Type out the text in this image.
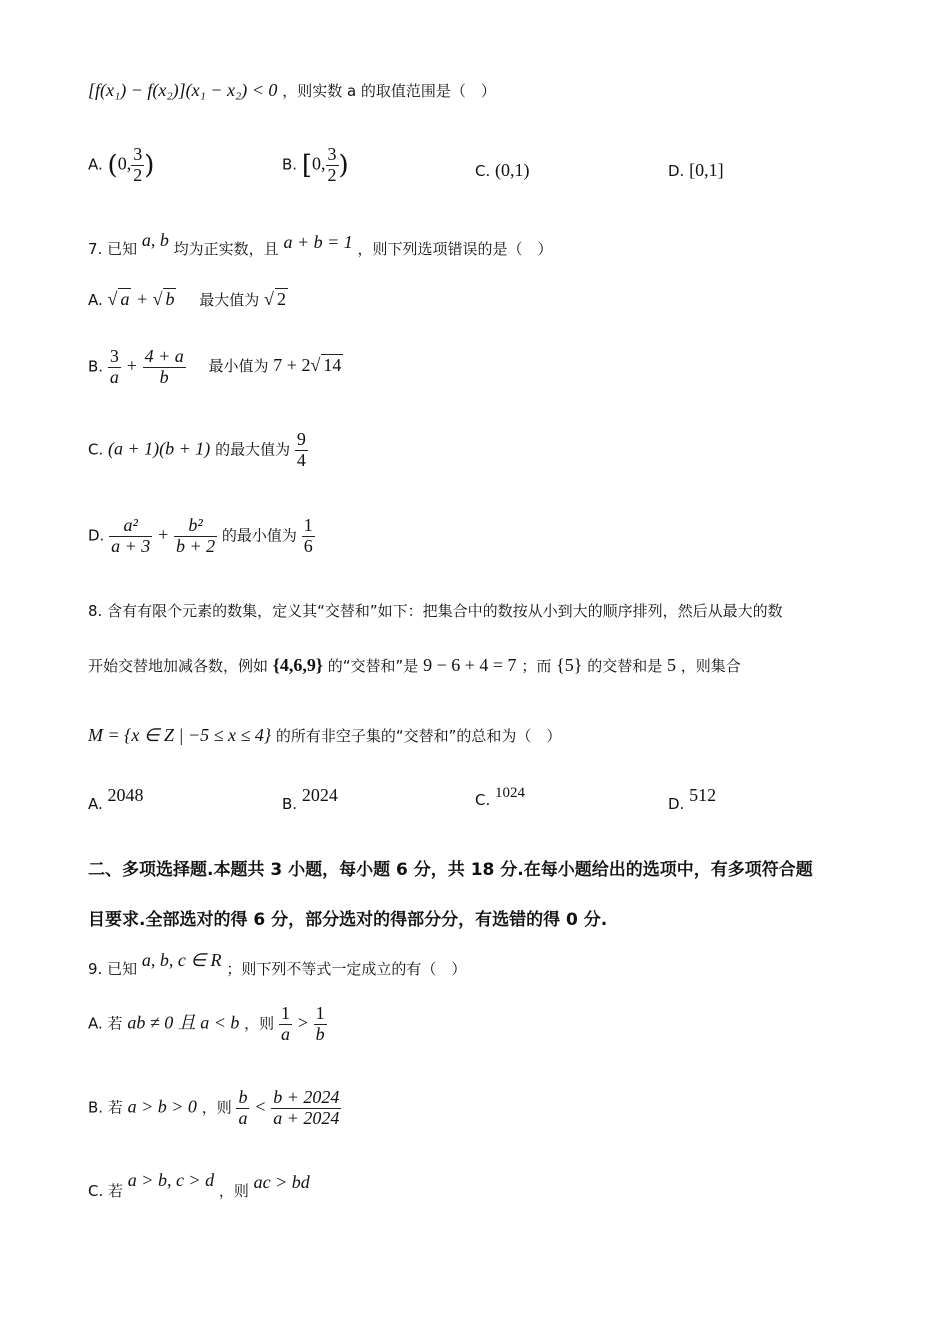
[f(x₁) − f(x₂)](x₁ − x₂) < 0 ，则实数 a 的取值范围是（　）
A. (0, $\frac{3}{2}$ )	B. [0, $\frac{3}{2}$ )	C. (0,1)	D. [0,1]
7. 已知 a, b 均为正实数，且 a + b = 1 ，则下列选项错误的是（　）
A. √ a + √ b 最大值为 √ 2
B. $\frac{3}{a} + \frac{4 + a}{b}$ 最小值为 7 + 2√ 14
C. (a + 1)(b + 1) 的最大值为 $\frac{9}{4}$
D. $\frac{\text{a²}}{a + 3} + \frac{\text{b²}}{b + 2}$ 的最小值为 $\frac{1}{6}$
8. 含有有限个元素的数集，定义其“交替和”如下：把集合中的数按从小到大的顺序排列，然后从最大的数
开始交替地加减各数，例如 {4,6,9} 的“交替和”是 9 − 6 + 4 = 7 ；而 {5} 的交替和是 5 ，则集合
M = {x ∈ Z | −5 ≤ x ≤ 4} 的所有非空子集的“交替和”的总和为（　）
A. 2048	B. 2024	C. 1024
D. 512
二、多项选择题.本题共 3 小题，每小题 6 分，共 18 分.在每小题给出的选项中，有多项符合题
目要求.全部选对的得 6 分，部分选对的得部分分，有选错的得 0 分.
9. 已知 a, b, c ∈ R ；则下列不等式一定成立的有（　）
A. 若 ab ≠ 0 且 a < b ，则 $\frac{1}{a} > \frac{1}{b}$
B. 若 a > b > 0 ，则 $\frac{b}{a} < \frac{b + 2024}{a + 2024}$
C. 若 a > b, c > d ，则 ac > bd
